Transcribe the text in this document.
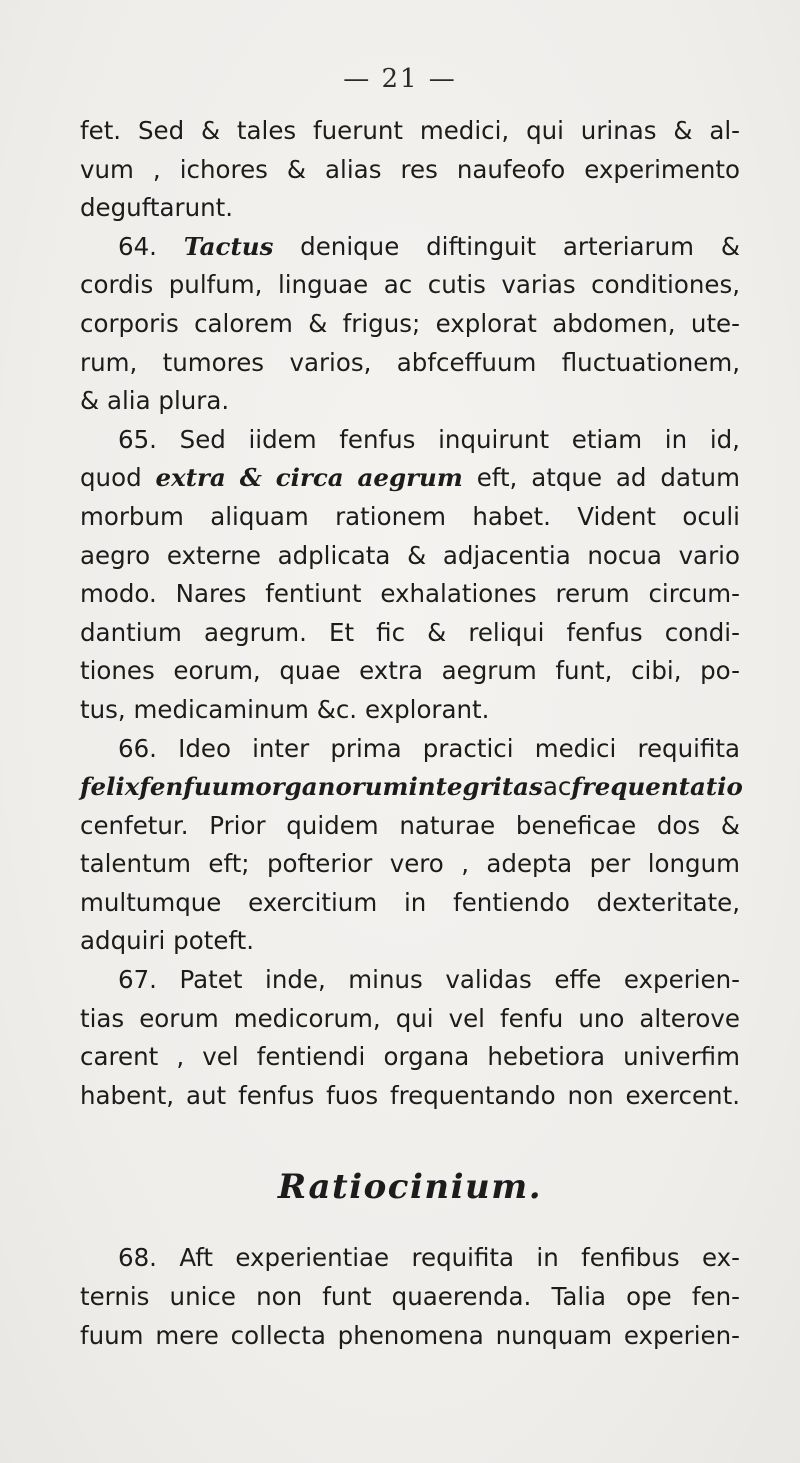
— 21 —
fet. Sed & tales fuerunt medici, qui urinas & al-
vum , ichores & alias res naufeofo experimento
deguftarunt.
64. Tactus denique diftinguit arteriarum &
cordis pulfum, linguae ac cutis varias conditiones,
corporis calorem & frigus; explorat abdomen, ute-
rum, tumores varios, abfceffuum fluctuationem,
& alia plura.
65. Sed iidem fenfus inquirunt etiam in id,
quod extra & circa aegrum eft, atque ad datum
morbum aliquam rationem habet. Vident oculi
aegro externe adplicata & adjacentia nocua vario
modo. Nares fentiunt exhalationes rerum circum-
dantium aegrum. Et fic & reliqui fenfus condi-
tiones eorum, quae extra aegrum funt, cibi, po-
tus, medicaminum &c. explorant.
66. Ideo inter prima practici medici requifita
felix fenfuum organorum integritas ac frequentatio
cenfetur. Prior quidem naturae beneficae dos &
talentum eft; pofterior vero , adepta per longum
multumque exercitium in fentiendo dexteritate,
adquiri poteft.
67. Patet inde, minus validas effe experien-
tias eorum medicorum, qui vel fenfu uno alterove
carent , vel fentiendi organa hebetiora univerfim
habent, aut fenfus fuos frequentando non exercent.
Ratiocinium.
68. Aft experientiae requifita in fenfibus ex-
ternis unice non funt quaerenda. Talia ope fen-
fuum mere collecta phenomena nunquam experien-
